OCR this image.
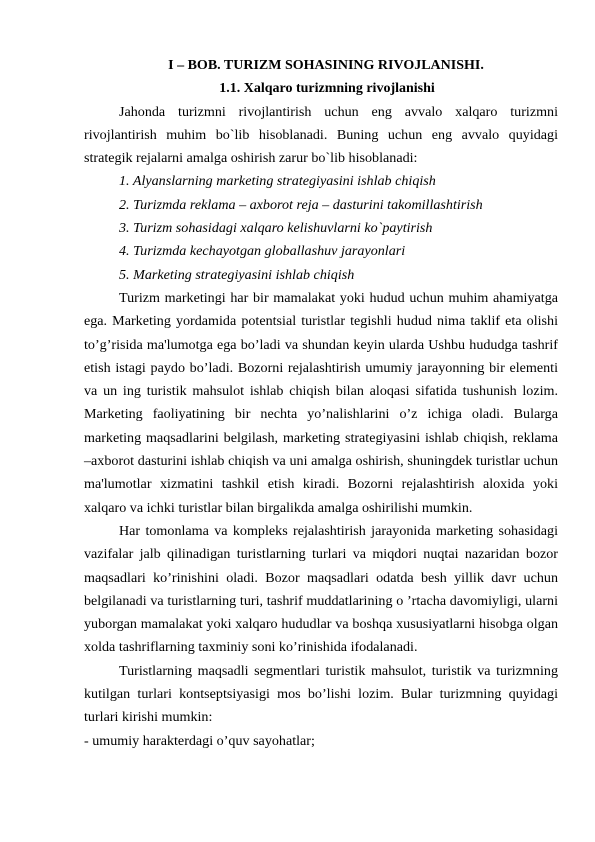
I – BOB. TURIZM SOHASINING RIVOJLANISHI.
1.1. Xalqaro turizmning rivojlanishi

Jahonda turizmni rivojlantirish uchun eng avvalo xalqaro turizmni rivojlantirish muhim bo`lib hisoblanadi. Buning uchun eng avvalo quyidagi strategik rejalarni amalga oshirish zarur bo`lib hisoblanadi:

1. Alyanslarning marketing strategiyasini ishlab chiqish
2. Turizmda reklama – axborot reja – dasturini takomillashtirish
3. Turizm sohasidagi xalqaro kelishuvlarni ko`paytirish
4. Turizmda kechayotgan globallashuv jarayonlari
5. Marketing strategiyasini ishlab chiqish

Turizm marketingi har bir mamalakat yoki hudud uchun muhim ahamiyatga ega. Marketing yordamida potentsial turistlar tegishli hudud nima taklif eta olishi to’g’risida ma'lumotga ega bo’ladi va shundan keyin ularda Ushbu hududga tashrif etish istagi paydo bo’ladi. Bozorni rejalashtirish umumiy jarayonning bir elementi va un ing turistik mahsulot ishlab chiqish bilan aloqasi sifatida tushunish lozim. Marketing faoliyatining bir nechta yo’nalishlarini o’z ichiga oladi. Bularga marketing maqsadlarini belgilash, marketing strategiyasini ishlab chiqish, reklama –axborot dasturini ishlab chiqish va uni amalga oshirish, shuningdek turistlar uchun ma'lumotlar xizmatini tashkil etish kiradi. Bozorni rejalashtirish aloxida yoki xalqaro va ichki turistlar bilan birgalikda amalga oshirilishi mumkin.

Har tomonlama va kompleks rejalashtirish jarayonida marketing sohasidagi vazifalar jalb qilinadigan turistlarning turlari va miqdori nuqtai nazaridan bozor maqsadlari ko’rinishini oladi. Bozor maqsadlari odatda besh yillik davr uchun belgilanadi va turistlarning turi, tashrif muddatlarining o ’rtacha davomiyligi, ularni yuborgan mamalakat yoki xalqaro hududlar va boshqa xususiyatlarni hisobga olgan xolda tashriflarning taxminiy soni ko’rinishida ifodalanadi.

Turistlarning maqsadli segmentlari turistik mahsulot, turistik va turizmning kutilgan turlari kontseptsiyasigi mos bo’lishi lozim. Bular turizmning quyidagi turlari kirishi mumkin:

- umumiy harakterdagi o’quv sayohatlar;
